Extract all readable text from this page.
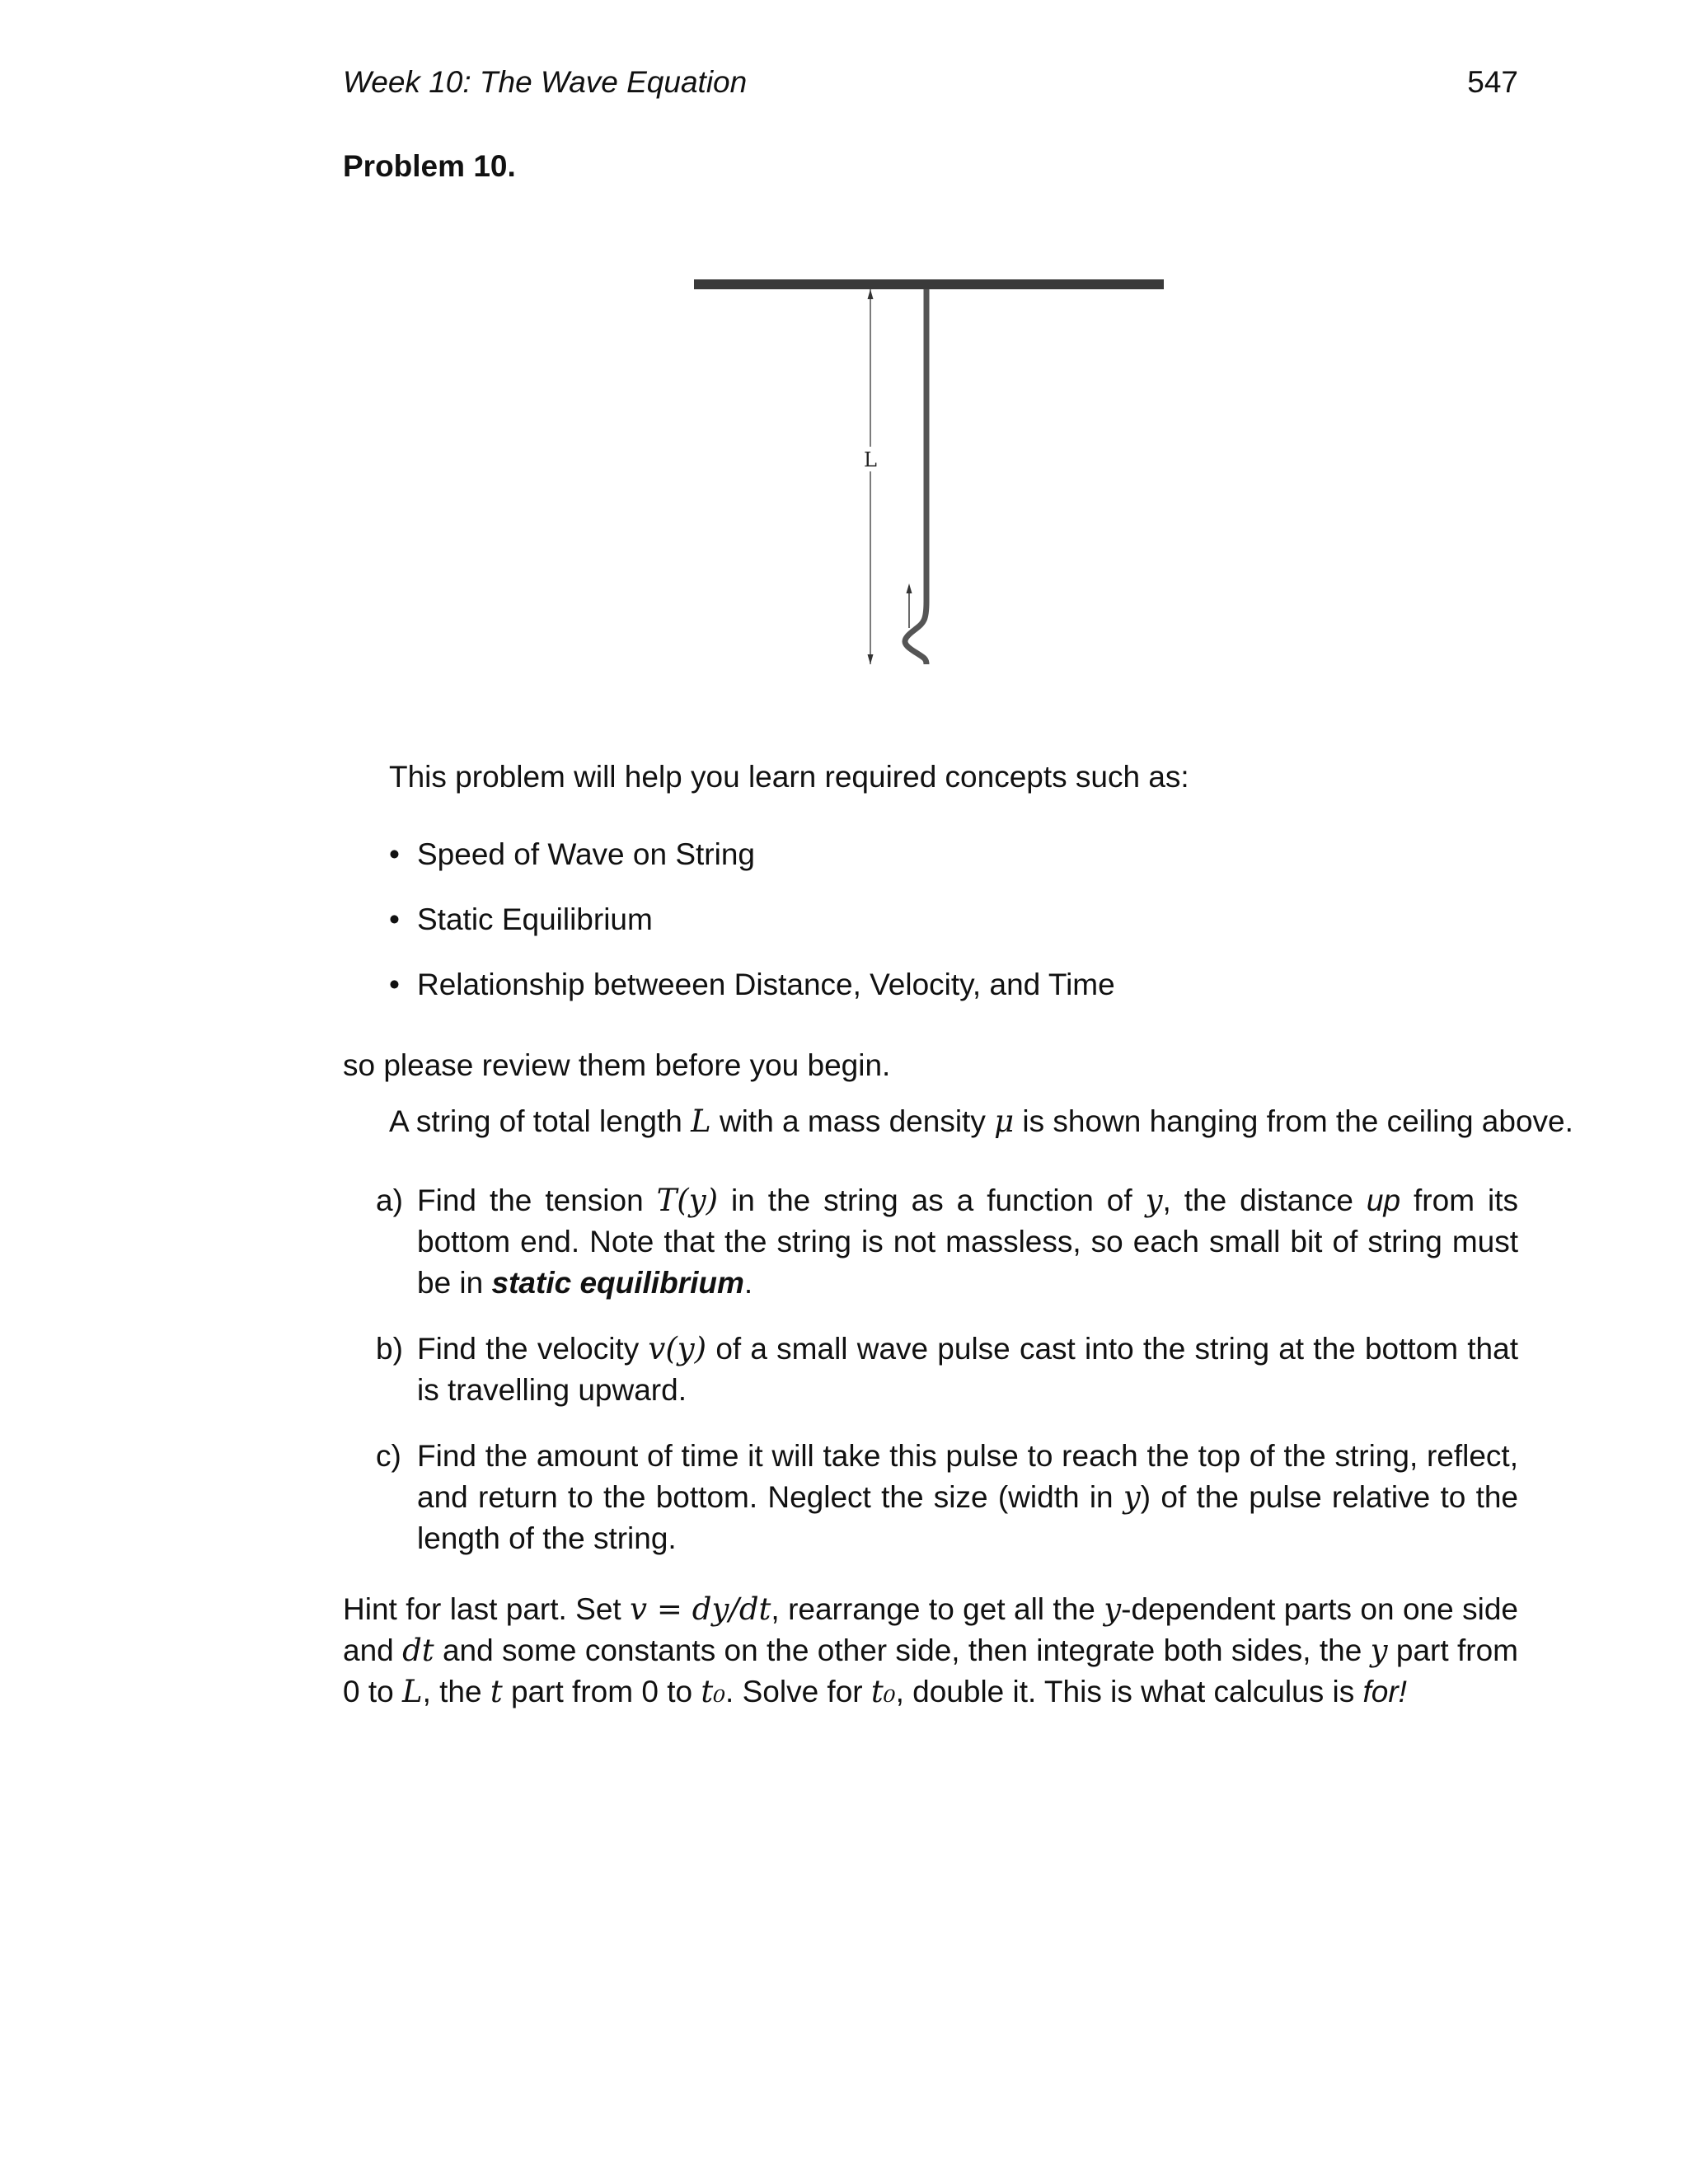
Week 10: The Wave Equation	547
Problem 10.
L
This problem will help you learn required concepts such as:
• Speed of Wave on String
• Static Equilibrium
• Relationship betweeen Distance, Velocity, and Time
so please review them before you begin.
A string of total length L with a mass density μ is shown hanging from the ceiling above.
a) Find the tension T(y) in the string as a function of y, the distance up from its bottom end. Note that the string is not massless, so each small bit of string must be in static equilibrium.
b) Find the velocity v(y) of a small wave pulse cast into the string at the bottom that is travelling upward.
c) Find the amount of time it will take this pulse to reach the top of the string, reflect, and return to the bottom. Neglect the size (width in y) of the pulse relative to the length of the string.
Hint for last part. Set v = dy/dt, rearrange to get all the y-dependent parts on one side and dt and some constants on the other side, then integrate both sides, the y part from 0 to L, the t part from 0 to t₀. Solve for t₀, double it. This is what calculus is for!
